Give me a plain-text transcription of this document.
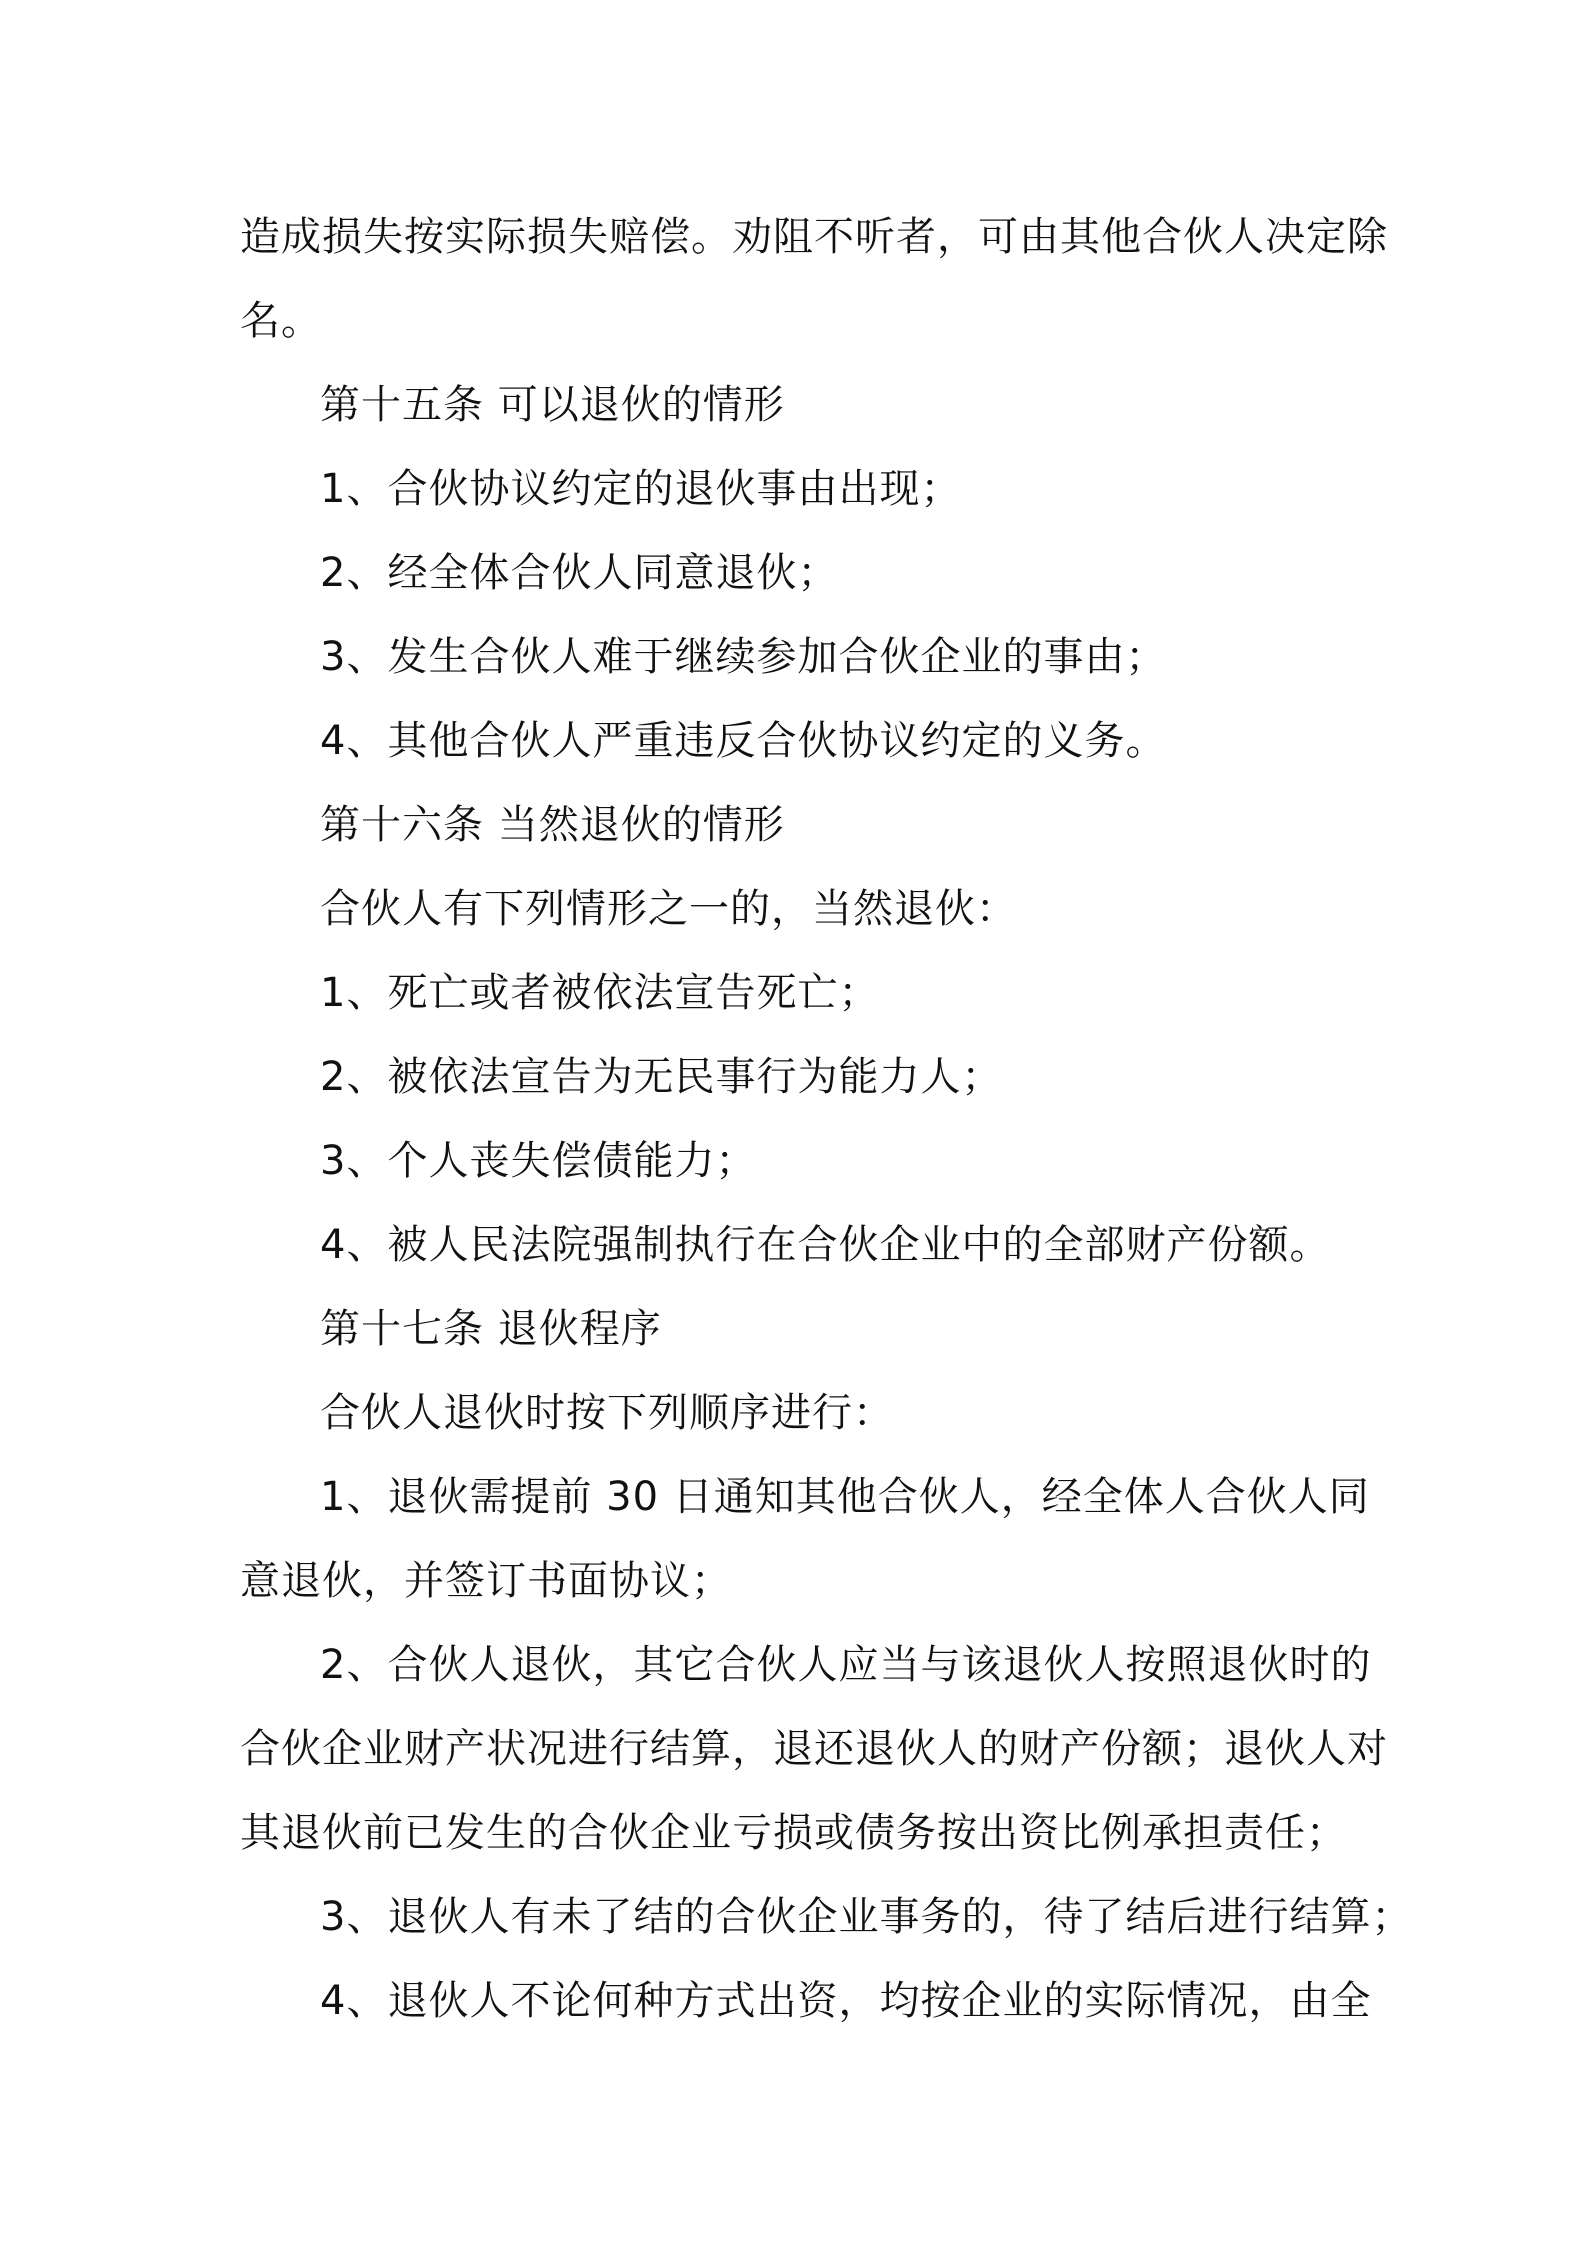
造成损失按实际损失赔偿。劝阻不听者，可由其他合伙人决定除
名。
第十五条 可以退伙的情形
1、合伙协议约定的退伙事由出现；
2、经全体合伙人同意退伙；
3、发生合伙人难于继续参加合伙企业的事由；
4、其他合伙人严重违反合伙协议约定的义务。
第十六条 当然退伙的情形
合伙人有下列情形之一的，当然退伙：
1、死亡或者被依法宣告死亡；
2、被依法宣告为无民事行为能力人；
3、个人丧失偿债能力；
4、被人民法院强制执行在合伙企业中的全部财产份额。
第十七条 退伙程序
合伙人退伙时按下列顺序进行：
1、退伙需提前 30 日通知其他合伙人，经全体人合伙人同
意退伙，并签订书面协议；
2、合伙人退伙，其它合伙人应当与该退伙人按照退伙时的
合伙企业财产状况进行结算，退还退伙人的财产份额；退伙人对
其退伙前已发生的合伙企业亏损或债务按出资比例承担责任；
3、退伙人有未了结的合伙企业事务的，待了结后进行结算；
4、退伙人不论何种方式出资，均按企业的实际情况，由全
